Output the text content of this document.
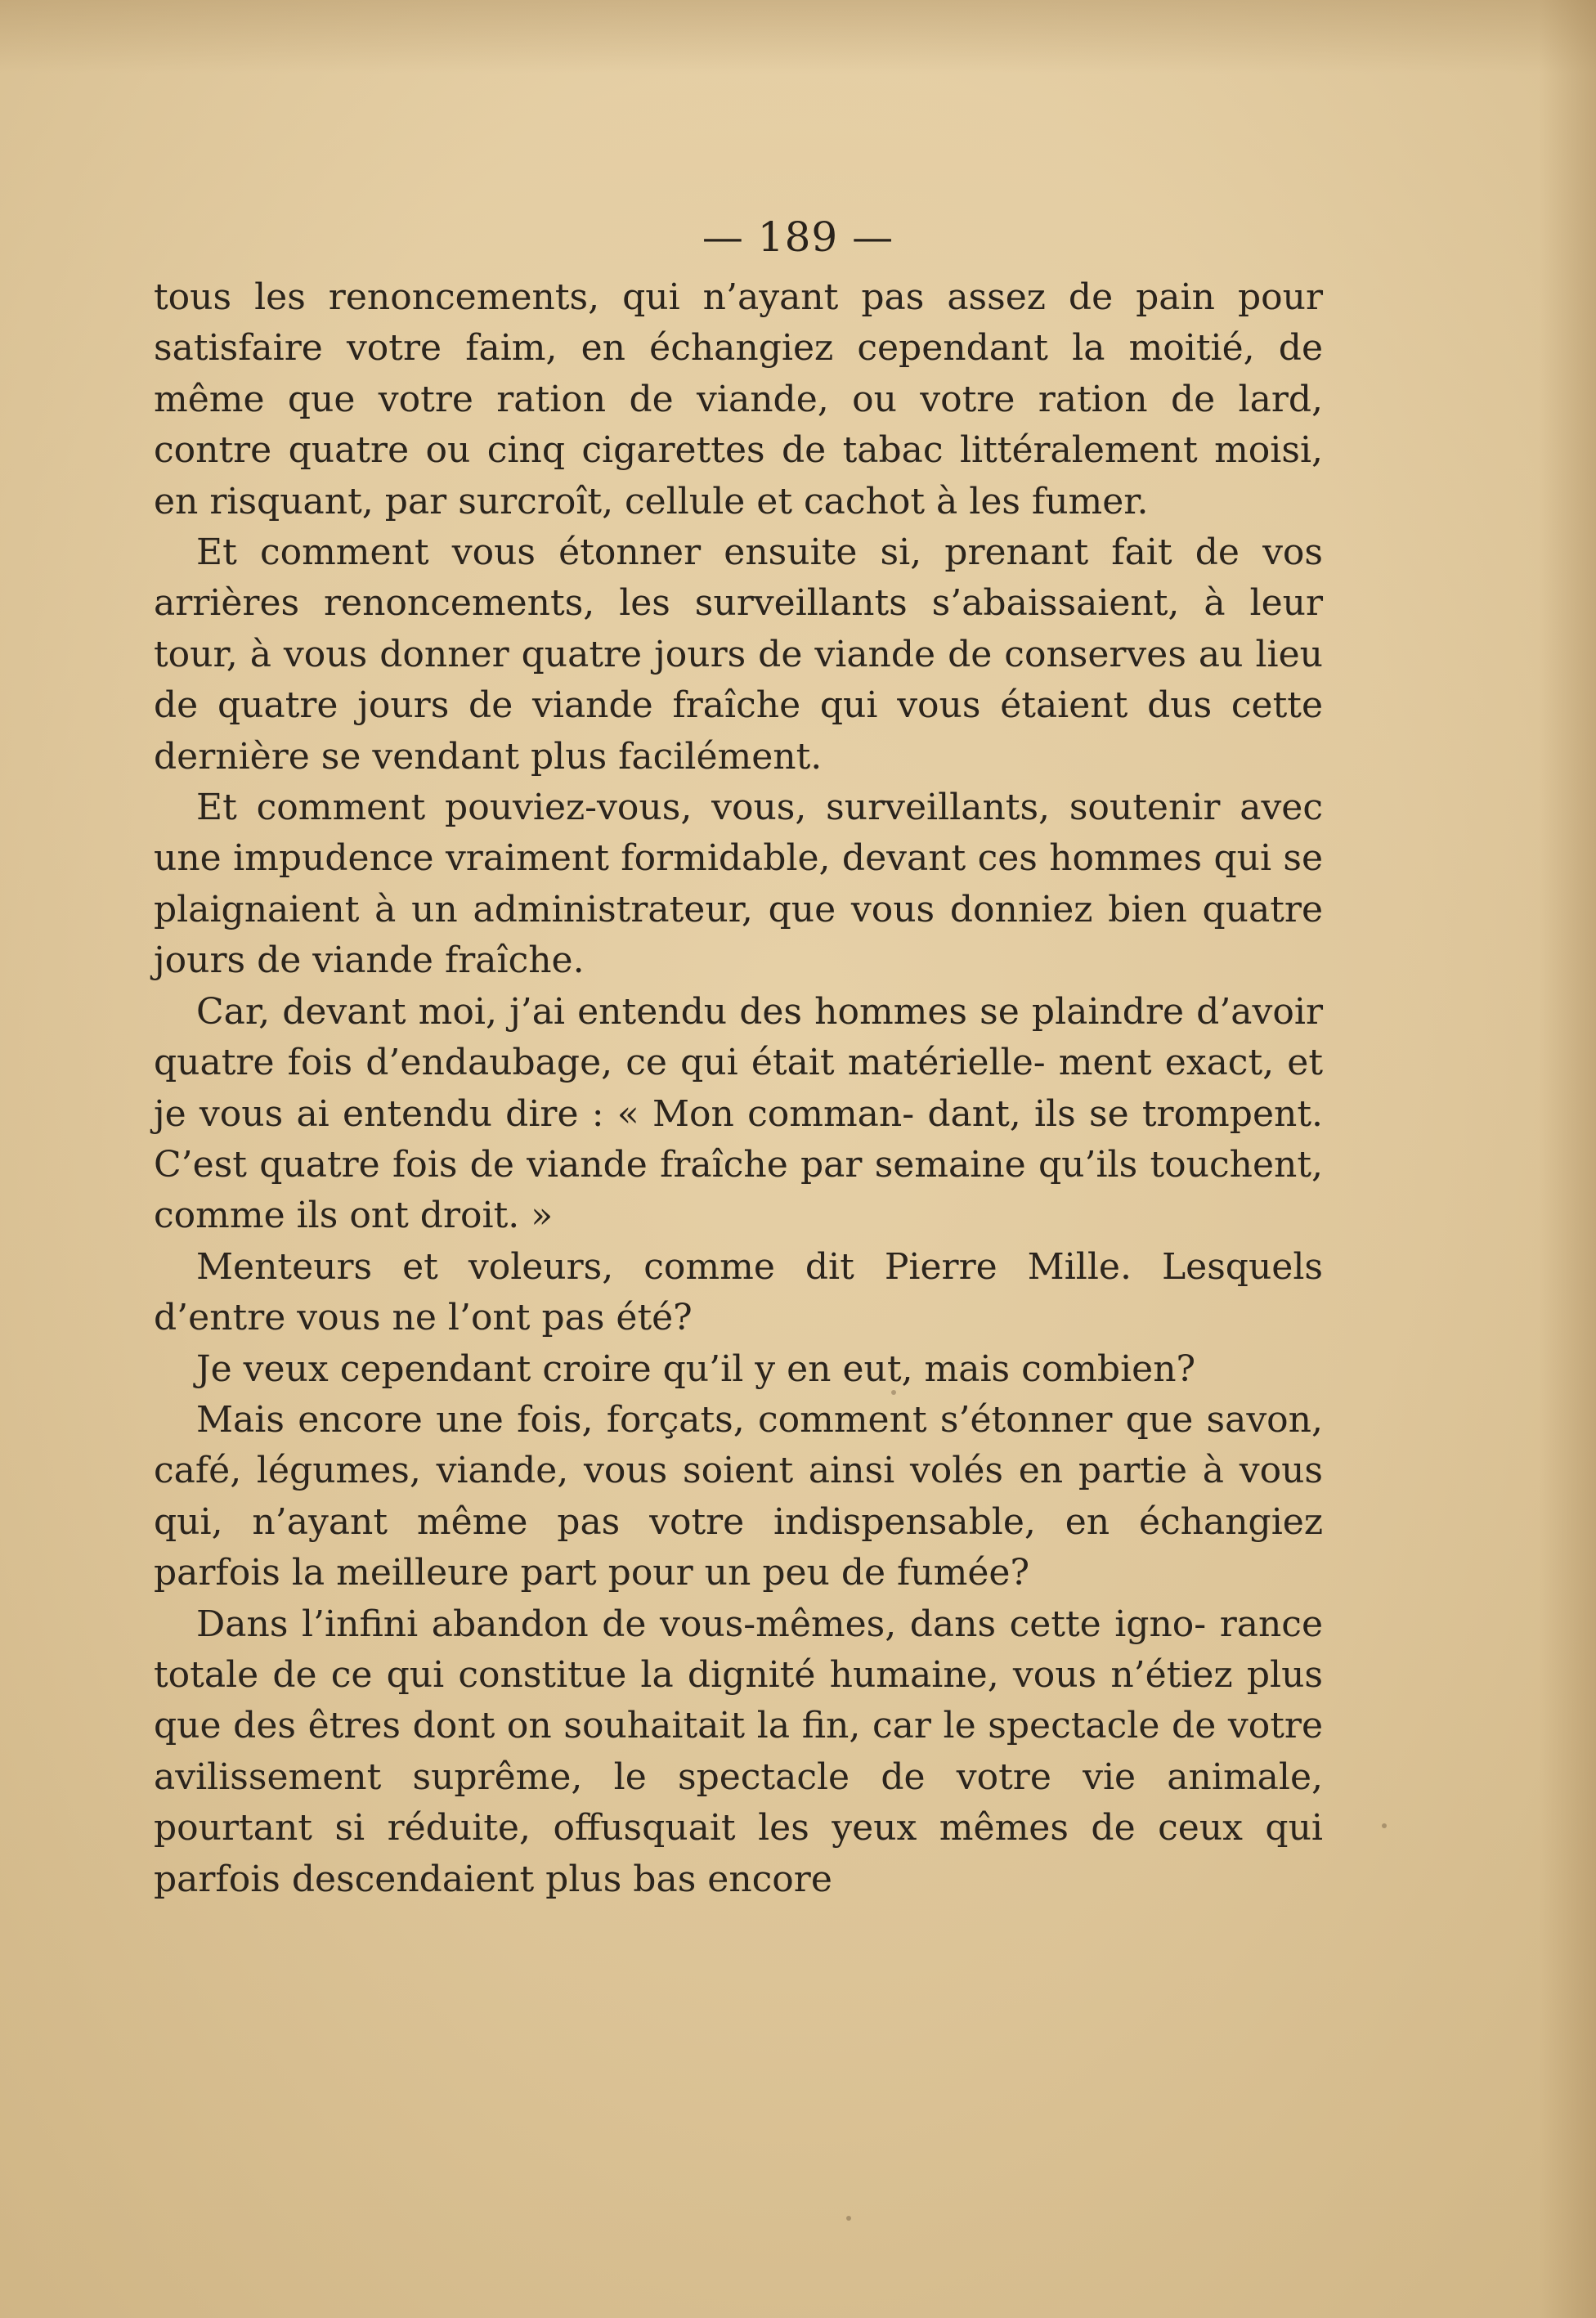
— 189 —

tous les renoncements, qui n’ayant pas assez de pain pour satisfaire votre faim, en échangiez cependant la moitié, de même que votre ration de viande, ou votre ration de lard, contre quatre ou cinq cigarettes de tabac littéralement moisi, en risquant, par surcroît, cellule et cachot à les fumer.

Et comment vous étonner ensuite si, prenant fait de vos arrières renoncements, les surveillants s’abaissaient, à leur tour, à vous donner quatre jours de viande de conserves au lieu de quatre jours de viande fraîche qui vous étaient dus cette dernière se vendant plus facilément.

Et comment pouviez-vous, vous, surveillants, soutenir avec une impudence vraiment formidable, devant ces hommes qui se plaignaient à un administrateur, que vous donniez bien quatre jours de viande fraîche.

Car, devant moi, j’ai entendu des hommes se plaindre d’avoir quatre fois d’endaubage, ce qui était matérielle- ment exact, et je vous ai entendu dire : « Mon comman- dant, ils se trompent. C’est quatre fois de viande fraîche par semaine qu’ils touchent, comme ils ont droit. »

Menteurs et voleurs, comme dit Pierre Mille. Lesquels d’entre vous ne l’ont pas été?

Je veux cependant croire qu’il y en eut, mais combien?

Mais encore une fois, forçats, comment s’étonner que savon, café, légumes, viande, vous soient ainsi volés en partie à vous qui, n’ayant même pas votre indispensable, en échangiez parfois la meilleure part pour un peu de fumée?

Dans l’infini abandon de vous-mêmes, dans cette igno- rance totale de ce qui constitue la dignité humaine, vous n’étiez plus que des êtres dont on souhaitait la fin, car le spectacle de votre avilissement suprême, le spectacle de votre vie animale, pourtant si réduite, offusquait les yeux mêmes de ceux qui parfois descendaient plus bas encore
